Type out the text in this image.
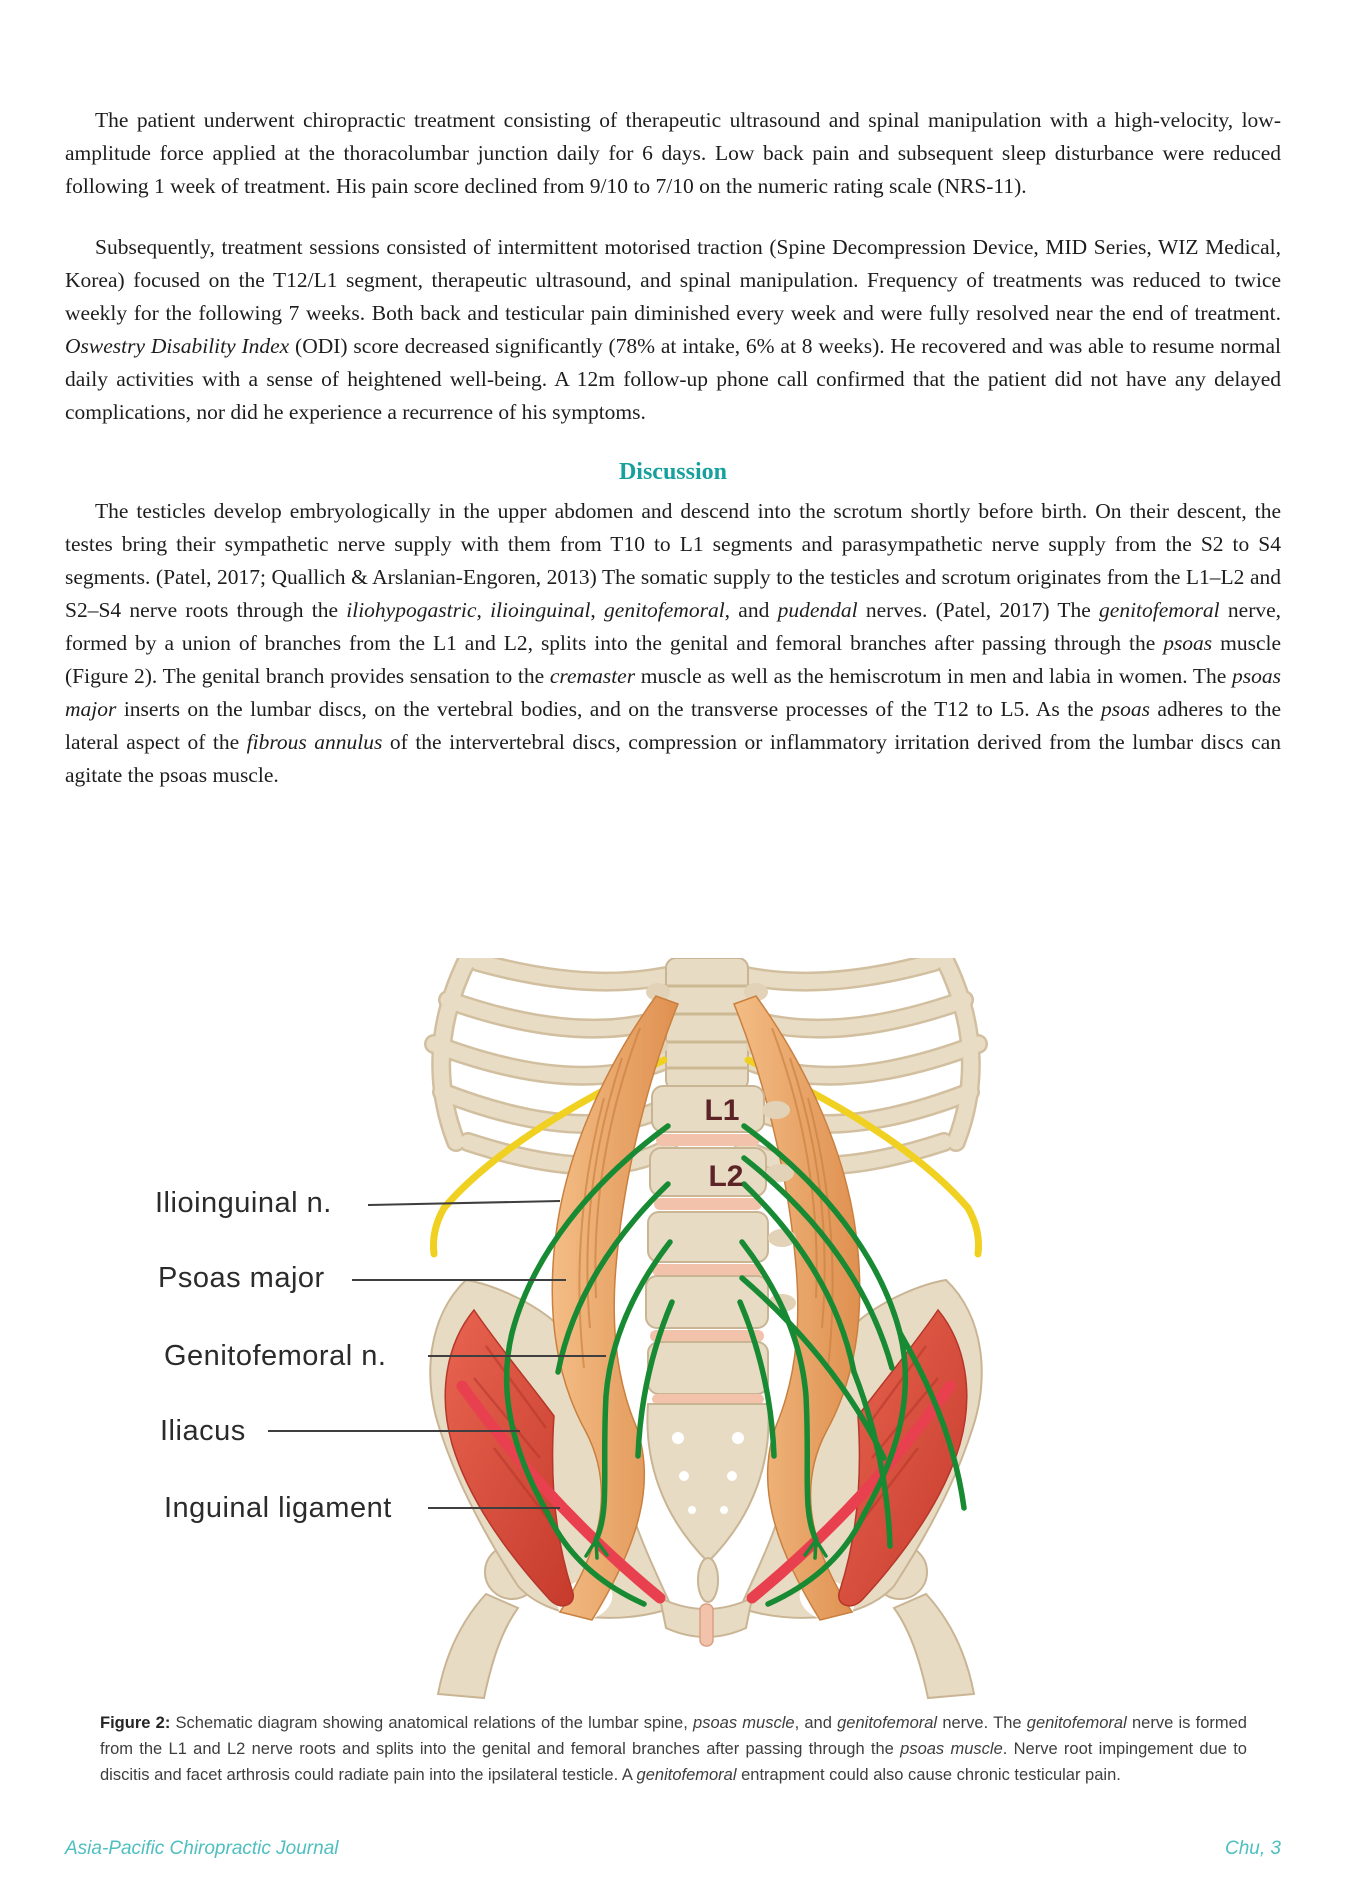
The patient underwent chiropractic treatment consisting of therapeutic ultrasound and spinal manipulation with a high-velocity, low-amplitude force applied at the thoracolumbar junction daily for 6 days. Low back pain and subsequent sleep disturbance were reduced following 1 week of treatment. His pain score declined from 9/10 to 7/10 on the numeric rating scale (NRS-11).

Subsequently, treatment sessions consisted of intermittent motorised traction (Spine Decompression Device, MID Series, WIZ Medical, Korea) focused on the T12/L1 segment, therapeutic ultrasound, and spinal manipulation. Frequency of treatments was reduced to twice weekly for the following 7 weeks. Both back and testicular pain diminished every week and were fully resolved near the end of treatment. Oswestry Disability Index (ODI) score decreased significantly (78% at intake, 6% at 8 weeks). He recovered and was able to resume normal daily activities with a sense of heightened well-being. A 12m follow-up phone call confirmed that the patient did not have any delayed complications, nor did he experience a recurrence of his symptoms.

Discussion

The testicles develop embryologically in the upper abdomen and descend into the scrotum shortly before birth. On their descent, the testes bring their sympathetic nerve supply with them from T10 to L1 segments and parasympathetic nerve supply from the S2 to S4 segments. (Patel, 2017; Quallich & Arslanian-Engoren, 2013) The somatic supply to the testicles and scrotum originates from the L1–L2 and S2–S4 nerve roots through the iliohypogastric, ilioinguinal, genitofemoral, and pudendal nerves. (Patel, 2017) The genitofemoral nerve, formed by a union of branches from the L1 and L2, splits into the genital and femoral branches after passing through the psoas muscle (Figure 2). The genital branch provides sensation to the cremaster muscle as well as the hemiscrotum in men and labia in women. The psoas major inserts on the lumbar discs, on the vertebral bodies, and on the transverse processes of the T12 to L5. As the psoas adheres to the lateral aspect of the fibrous annulus of the intervertebral discs, compression or inflammatory irritation derived from the lumbar discs can agitate the psoas muscle.

L1
L2
Ilioinguinal n.
Psoas major
Genitofemoral n.
Iliacus
Inguinal ligament
Figure 2: Schematic diagram showing anatomical relations of the lumbar spine, psoas muscle, and genitofemoral nerve. The genitofemoral nerve is formed from the L1 and L2 nerve roots and splits into the genital and femoral branches after passing through the psoas muscle. Nerve root impingement due to discitis and facet arthrosis could radiate pain into the ipsilateral testicle. A genitofemoral entrapment could also cause chronic testicular pain.
Asia-Pacific Chiropractic Journal	Chu, 3
